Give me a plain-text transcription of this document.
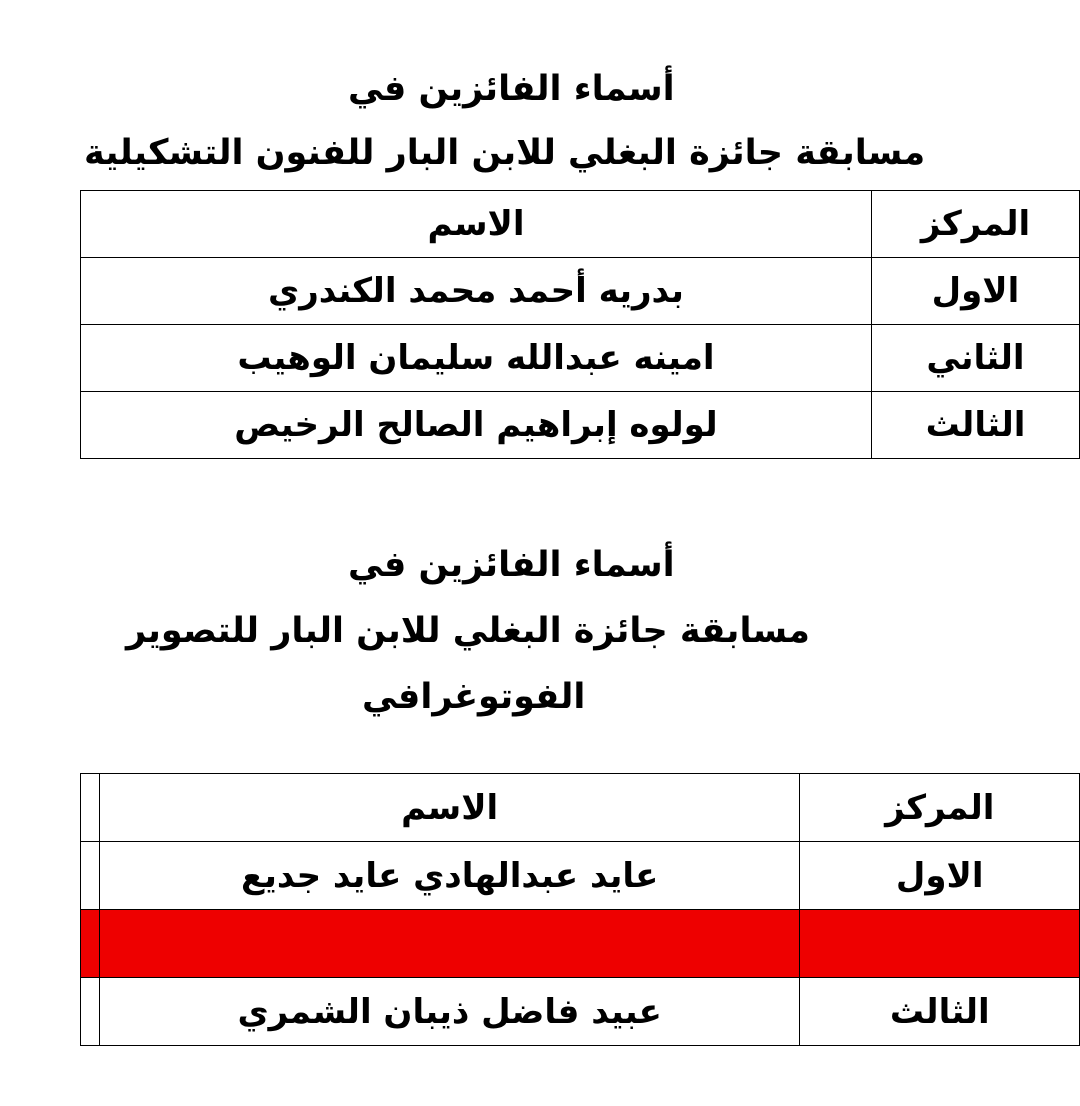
أسماء الفائزين في
مسابقة جائزة البغلي للابن البار للفنون التشكيلية
المركز	الاسم
الاول	بدريه أحمد محمد الكندري
الثاني	امينه عبدالله سليمان الوهيب
الثالث	لولوه إبراهيم الصالح الرخيص
أسماء الفائزين في
مسابقة جائزة البغلي للابن البار للتصوير
الفوتوغرافي
المركز	الاسم	
الاول	عايد عبدالهادي عايد جديع	

الثالث	عبيد فاضل ذيبان الشمري	
